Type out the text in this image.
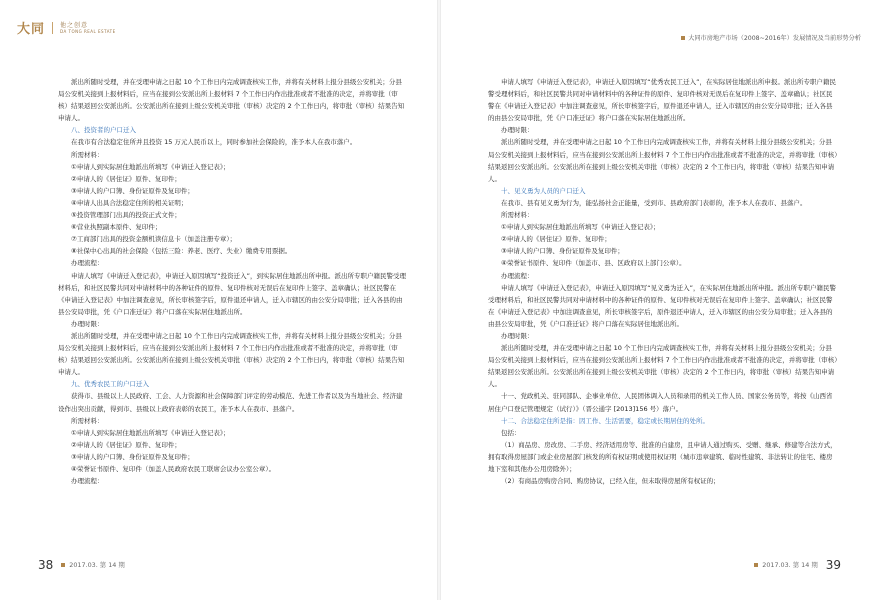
大同	他之创意
DA TONG REAL ESTATE

派出所随时受理，并在受理申请之日起 10 个工作日内完成调查核实工作，并将有关材料上报分县级公安机关；分县局公安机关接到上报材料后，应当在接到公安派出所上报材料 7 个工作日内作出批准或者不批准的决定，并将审批（审核）结果返回公安派出所。公安派出所在接到上级公安机关审批（审核）决定的 2 个工作日内，将审批（审核）结果告知申请人。

八、投资者的户口迁入

在我市有合法稳定住所并且投资 15 万元人民币以上，同时参加社会保险的，准予本人在我市落户。

所需材料：

①申请人到实际居住地派出所填写《申请迁入登记表》；

②申请人的《居住证》原件、复印件；

③申请人的户口簿、身份证原件及复印件；

④申请人出具合法稳定住所的相关证明；

⑤投资管理部门出具的投资正式文件；

⑥营业执照副本原件、复印件；

⑦工商部门出具的投资金额机读信息卡（加盖注册专章）；

⑧社保中心出具的社会保险（包括三险：养老、医疗、失业）缴费专用票据。

办理流程：

申请人填写《申请迁入登记表》，申请迁入原因填写“投资迁入”，到实际居住地派出所申报。派出所专职户籍民警受理材料后，和社区民警共同对申请材料中的各种证件的原件、复印件核对无误后在复印件上签字、盖章确认；社区民警在《申请迁入登记表》中加注调查意见，所长审核签字后，原件退还申请人，迁入市辖区的由公安分局审批；迁入各县的由县公安局审批，凭《户口准迁证》将户口落在实际居住地派出所。

办理时限：

派出所随时受理，并在受理申请之日起 10 个工作日内完成调查核实工作，并将有关材料上报分县级公安机关；分县局公安机关接到上报材料后，应当在接到公安派出所上报材料 7 个工作日内作出批准或者不批准的决定，并将审批（审核）结果返回公安派出所。公安派出所在接到上级公安机关审批（审核）决定的 2 个工作日内，将审批（审核）结果告知申请人。

九、优秀农民工的户口迁入

获得市、县级以上人民政府、工会、人力资源和社会保障部门评定的劳动模范、先进工作者以及为当地社会、经济建设作出突出贡献，得到市、县级以上政府表彰的农民工，准予本人在我市、县落户。

所需材料：

①申请人到实际居住地派出所填写《申请迁入登记表》；

②申请人的《居住证》原件、复印件；

③申请人的户口簿、身份证原件及复印件；

④荣誉证书原件、复印件（加盖人民政府农民工联席会议办公室公章）。

办理流程：

38	2017.03. 第 14 期
大同市房地产市场（2008~2016年）发展情况及当前形势分析

申请人填写《申请迁入登记表》，申请迁入原因填写“优秀农民工迁入”，在实际居住地派出所申报。派出所专职户籍民警受理材料后，和社区民警共同对申请材料中的各种证件的原件、复印件核对无误后在复印件上签字、盖章确认；社区民警在《申请迁入登记表》中加注调查意见，所长审核签字后，原件退还申请人，迁入市辖区的由公安分局审批；迁入各县的由县公安局审批，凭《户口准迁证》将户口落在实际居住地派出所。

办理时限：

派出所随时受理，并在受理申请之日起 10 个工作日内完成调查核实工作，并将有关材料上报分县级公安机关；分县局公安机关接到上报材料后，应当在接到公安派出所上报材料 7 个工作日内作出批准或者不批准的决定，并将审批（审核）结果返回公安派出所。公安派出所在接到上级公安机关审批（审核）决定的 2 个工作日内，将审批（审核）结果告知申请人。

十、见义勇为人员的户口迁入

在我市、县有见义勇为行为，能弘扬社会正能量，受到市、县政府部门表彰的，准予本人在我市、县落户。

所需材料：

①申请人到实际居住地派出所填写《申请迁入登记表》；

②申请人的《居住证》原件、复印件；

③申请人的户口簿、身份证原件及复印件；

④荣誉证书原件、复印件（加盖市、县、区政府以上部门公章）。

办理流程：

申请人填写《申请迁入登记表》，申请迁入原因填写“见义勇为迁入”，在实际居住地派出所申报。派出所专职户籍民警受理材料后，和社区民警共同对申请材料中的各种证件的原件、复印件核对无误后在复印件上签字、盖章确认；社区民警在《申请迁入登记表》中加注调查意见，所长审核签字后，原件退还申请人，迁入市辖区的由公安分局审批；迁入各县的由县公安局审批，凭《户口准迁证》将户口落在实际居住地派出所。

办理时限：

派出所随时受理，并在受理申请之日起 10 个工作日内完成调查核实工作，并将有关材料上报分县级公安机关；分县局公安机关接到上报材料后，应当在接到公安派出所上报材料 7 个工作日内作出批准或者不批准的决定，并将审批（审核）结果返回公安派出所。公安派出所在接到上级公安机关审批（审核）决定的 2 个工作日内，将审批（审核）结果告知申请人。

十一、党政机关、驻同部队、企事业单位、人民团体调入人员和录用的机关工作人员、国家公务员等，将按《山西省居住户口登记管理规定（试行）》（晋公通字 [2013]156 号）落户。

十二、合法稳定住所是指：因工作、生活需要，稳定或长期居住的处所。

包括：

（1）商品房、房改房、二手房、经济适用房等、批准的自建房，且申请人通过购买、受赠、继承、修建等合法方式，拥有取得房屋部门或企业房屋部门核发的所有权证明或使用权证明（城市违章建筑、临时性建筑、非法转让的住宅、楼房地下室和其他办公用房除外）；

（2）有商品房购房合同、购房协议，已经入住，但未取得房屋所有权证的；

2017.03. 第 14 期 39
